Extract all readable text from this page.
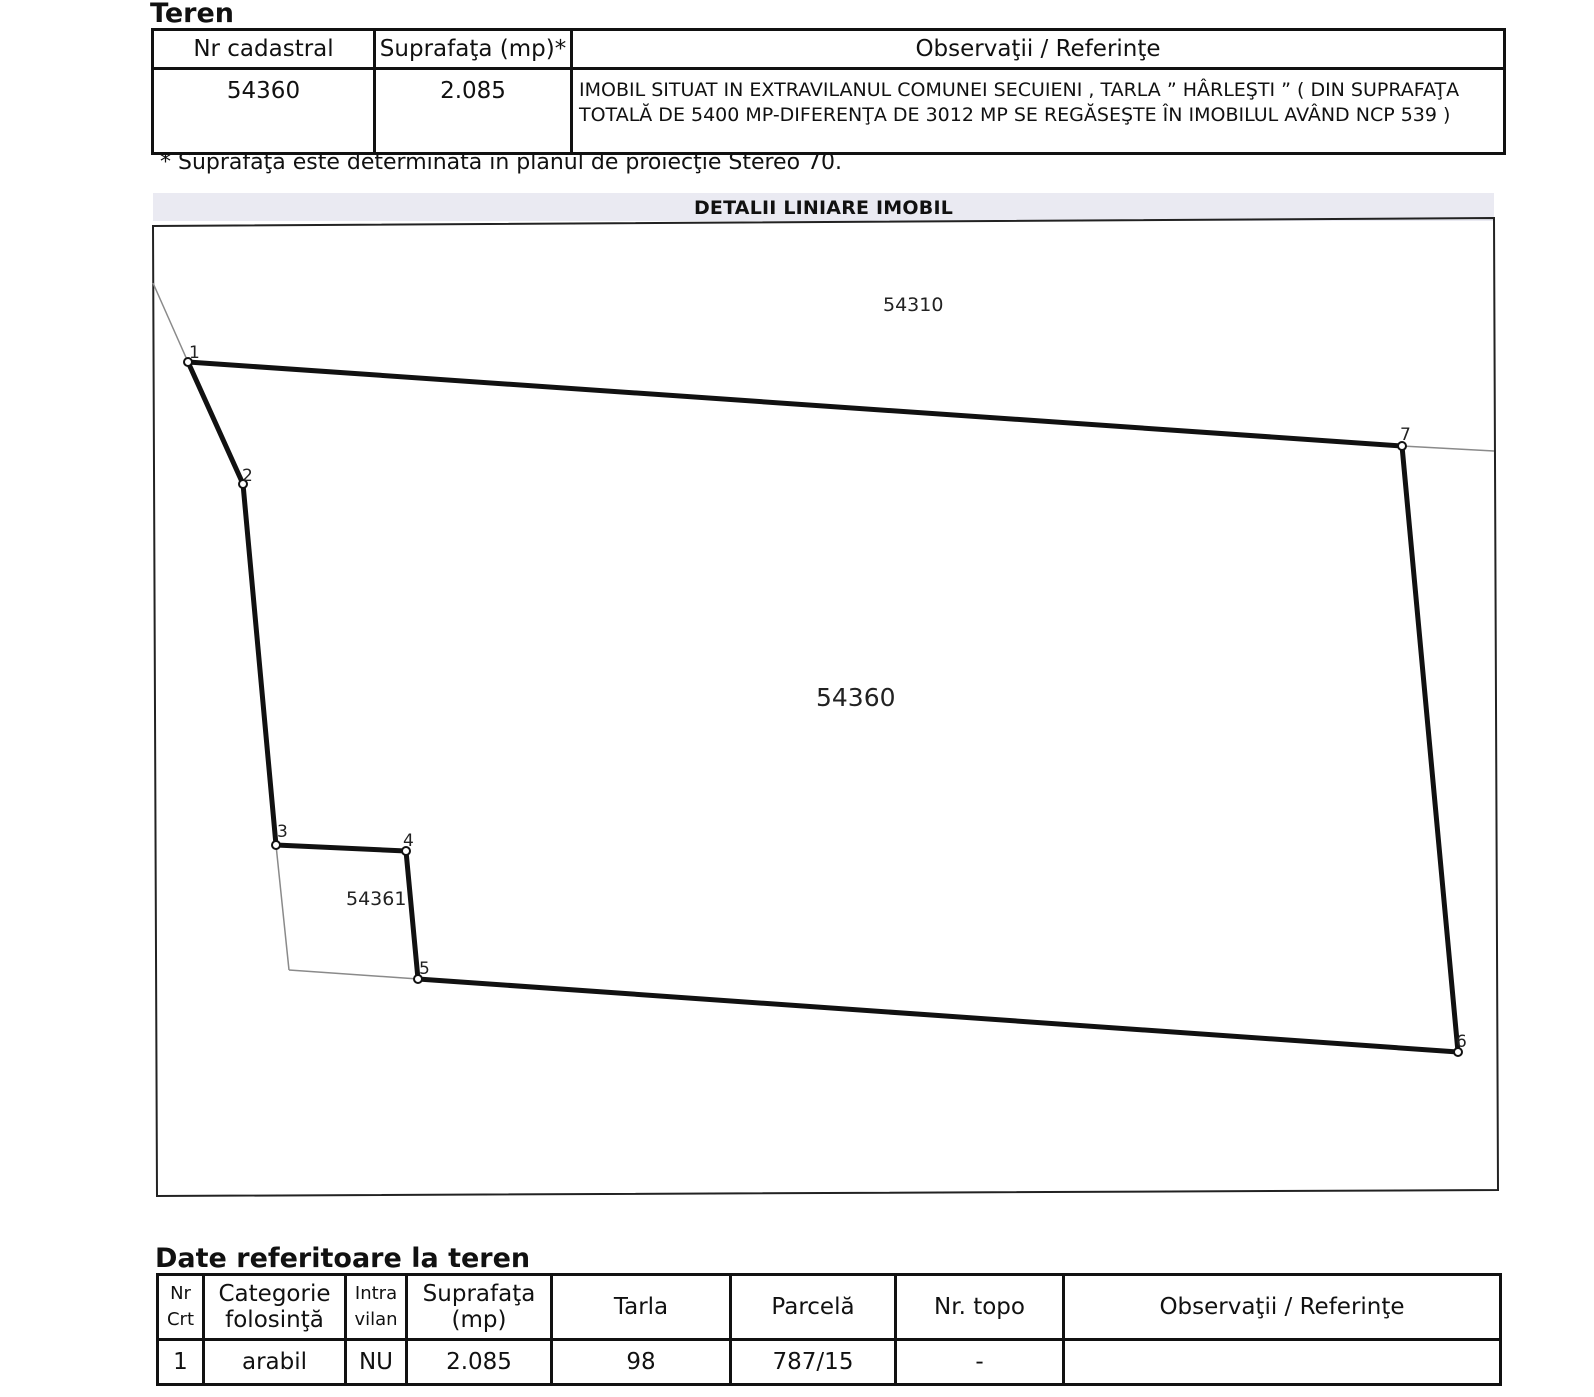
Teren
Nr cadastral	Suprafaţa (mp)*	Observaţii / Referinţe
54360	2.085	IMOBIL SITUAT IN EXTRAVILANUL COMUNEI SECUIENI , TARLA ” HÂRLEŞTI ” ( DIN SUPRAFAŢA TOTALĂ DE 5400 MP-DIFERENŢA DE 3012 MP SE REGĂSEŞTE ÎN IMOBILUL AVÂND NCP 539 )
* Suprafaţa este determinată in planul de proiecţie Stereo 70.
DETALII LINIARE IMOBIL
1
2
3	4
5
6
7
54310
54360
54361
Date referitoare la teren
Nr Crt	Categorie folosinţă	Intra vilan	Suprafaţa (mp)	Tarla	Parcelă	Nr. topo	Observaţii / Referinţe
1	arabil	NU	2.085	98	787/15	-	
